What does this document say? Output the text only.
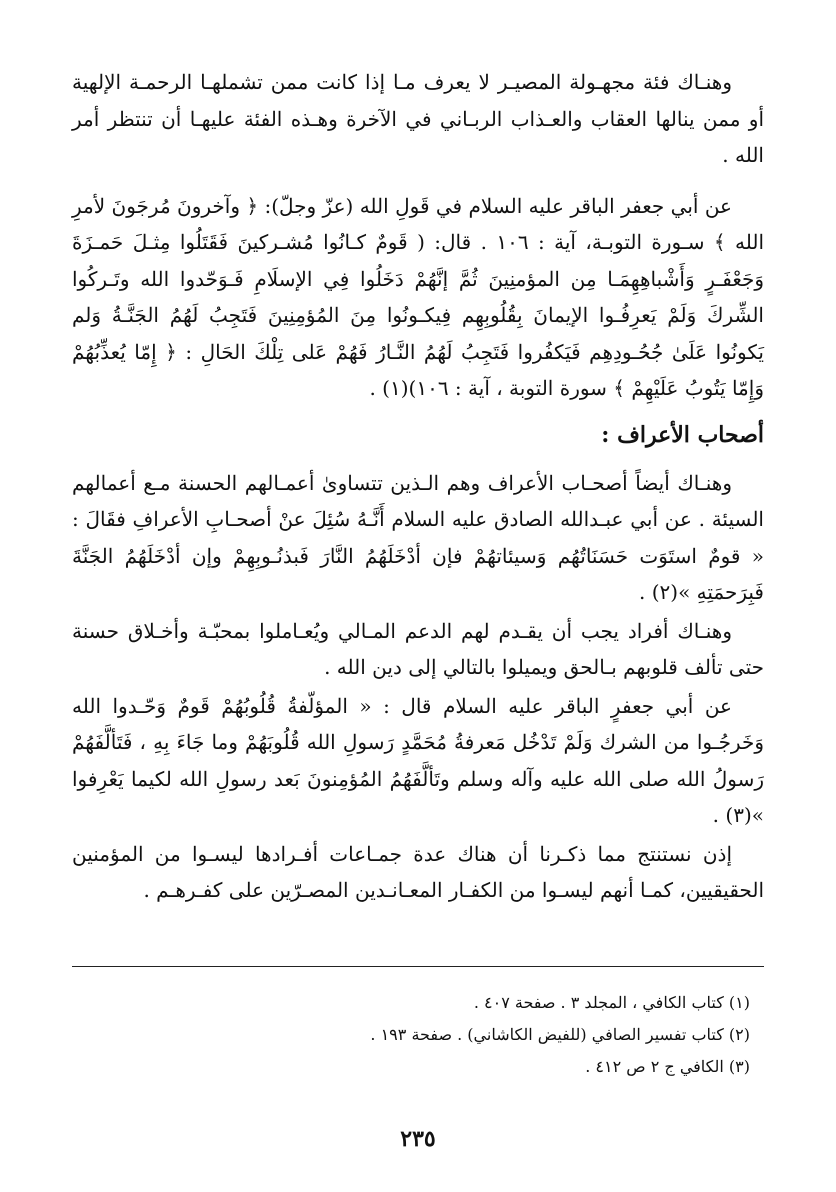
وهنـاك فئة مجهـولة المصيـر لا يعرف مـا إذا كانت ممن تشملهـا الرحمـة الإلهية أو ممن ينالها العقاب والعـذاب الربـاني في الآخرة وهـذه الفئة عليهـا أن تنتظر أمر الله .

عن أبي جعفر الباقر عليه السلام في قَولِ الله (عزّ وجلّ): ﴿ وآخرونَ مُرجَونَ لأمرِ الله ﴾ سـورة التوبـة، آية : ١٠٦ . قال: ( قَومٌ كـانُوا مُشـركينَ فَقَتَلُوا مِثـلَ حَمـزَةَ وَجَعْفَـرٍ وَأَشْباهِهِمَـا مِن المؤمنِينَ ثُمَّ إنَّهُمْ دَخَلُوا فِي الإسلَامِ فَـوَحّدوا الله وتَـركُوا الشِّركَ وَلَمْ يَعرِفُـوا الإيمانَ بِقُلُوبِهِم فِيكـونُوا مِنَ المُؤمِنِينَ فَتَجِبُ لَهُمُ الجَنَّـةُ وَلم يَكونُوا عَلَىٰ جُحُـودِهِم فَيَكفُروا فَتَجِبُ لَهُمُ النَّـارُ فَهُمْ عَلى تِلْكَ الحَالِ : ﴿ إِمّا يُعذِّبُهُمْ وَإِمّا يَتُوبُ عَلَيْهِمْ ﴾ سورة التوبة ، آية : ١٠٦)(١) .

أصحاب الأعراف :

وهنـاك أيضاً أصحـاب الأعراف وهم الـذين تتساوىٰ أعمـالهم الحسنة مـع أعمالهم السيئة . عن أبي عبـدالله الصادق عليه السلام أَنَّـهُ سُئِلَ عنْ أصحـابِ الأعرافِ فقَالَ : « قومٌ استَوَت حَسَنَاتُهُم وَسيئاتهُمْ فإن أدْخَلَهُمُ النَّارَ فَبذنُـوبِهِمْ وإن أدْخَلَهُمُ الجَنَّةَ فَبِرَحمَتِهِ »(٢) .

وهنـاك أفراد يجب أن يقـدم لهم الدعم المـالي ويُعـاملوا بمحبّـة وأخـلاق حسنة حتى تألف قلوبهم بـالحق ويميلوا بالتالي إلى دين الله .

عن أبي جعفرٍ الباقر عليه السلام قال : « المؤلّفةُ قُلُوبُهُمْ قَومٌ وَحّـدوا الله وَخَرجُـوا من الشرك وَلَمْ تَدْخُل مَعرفةُ مُحَمَّدٍ رَسولِ الله قُلُوبَهُمْ وما جَاءَ بِهِ ، فَتَألَّفَهُمْ رَسولُ الله صلى الله عليه وآله وسلم وتَألَّفَهُمُ المُؤمِنونَ بَعد رسولِ الله لكيما يَعْرِفوا »(٣) .

إذن نستنتج مما ذكـرنا أن هناك عدة جمـاعات أفـرادها ليسـوا من المؤمنين الحقيقيين، كمـا أنهم ليسـوا من الكفـار المعـانـدين المصـرّين على كفـرهـم .

(١) كتاب الكافي ، المجلد ٣ . صفحة ٤٠٧ .
(٢) كتاب تفسير الصافي (للفيض الكاشاني) . صفحة ١٩٣ .
(٣) الكافي ج ٢ ص ٤١٢ .
٢٣٥
